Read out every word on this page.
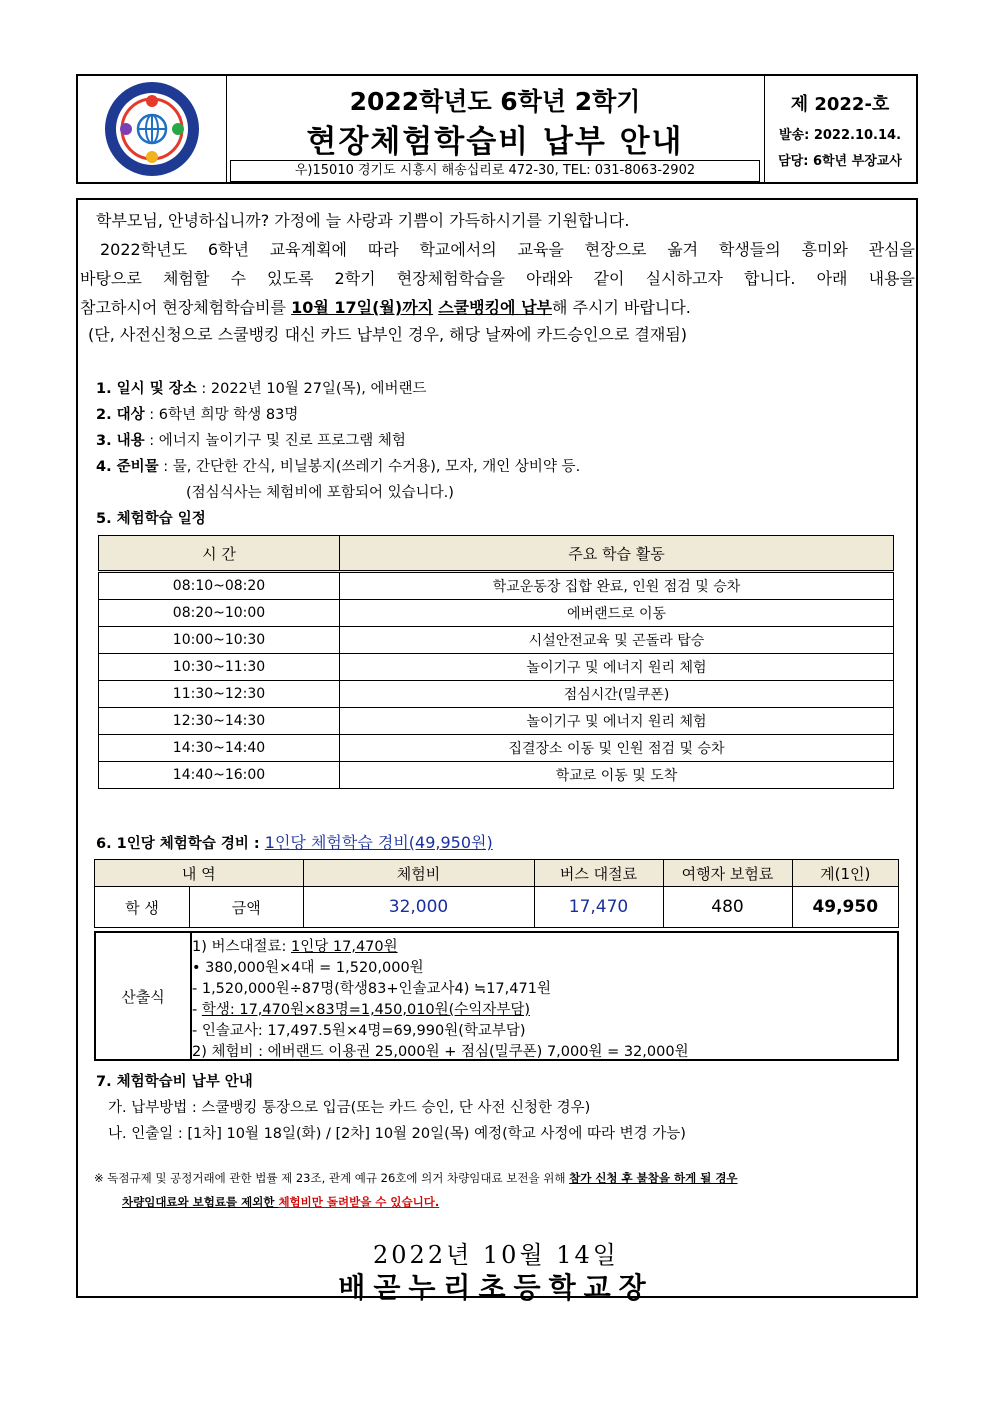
2022학년도 6학년 2학기
현장체험학습비 납부 안내
우)15010 경기도 시흥시 해송십리로 472-30, TEL: 031-8063-2902
제 2022-호
발송: 2022.10.14.
담당: 6학년 부장교사
학부모님, 안녕하십니까? 가정에 늘 사랑과 기쁨이 가득하시기를 기원합니다.
2022학년도 6학년 교육계획에 따라 학교에서의 교육을 현장으로 옮겨 학생들의 흥미와 관심을
바탕으로 체험할 수 있도록 2학기 현장체험학습을 아래와 같이 실시하고자 합니다. 아래 내용을
참고하시어 현장체험학습비를 10월 17일(월)까지 스쿨뱅킹에 납부해 주시기 바랍니다.
(단, 사전신청으로 스쿨뱅킹 대신 카드 납부인 경우, 해당 날짜에 카드승인으로 결재됨)
1. 일시 및 장소 : 2022년 10월 27일(목), 에버랜드
2. 대상 : 6학년 희망 학생 83명
3. 내용 : 에너지 놀이기구 및 진로 프로그램 체험
4. 준비물 : 물, 간단한 간식, 비닐봉지(쓰레기 수거용), 모자, 개인 상비약 등.
(점심식사는 체험비에 포함되어 있습니다.)
5. 체험학습 일정
시 간	주요 학습 활동
08:10~08:20	학교운동장 집합 완료, 인원 점검 및 승차
08:20~10:00	에버랜드로 이동
10:00~10:30	시설안전교육 및 곤돌라 탑승
10:30~11:30	놀이기구 및 에너지 원리 체험
11:30~12:30	점심시간(밀쿠폰)
12:30~14:30	놀이기구 및 에너지 원리 체험
14:30~14:40	집결장소 이동 및 인원 점검 및 승차
14:40~16:00	학교로 이동 및 도착
6. 1인당 체험학습 경비 : 1인당 체험학습 경비(49,950원)
내 역		체험비	버스 대절료	여행자 보험료	계(1인)
학 생	금액	32,000	17,470	480	49,950
산출식
1) 버스대절료: 1인당 17,470원
• 380,000원×4대 = 1,520,000원
- 1,520,000원÷87명(학생83+인솔교사4) ≒17,471원
- 학생: 17,470원×83명=1,450,010원(수익자부담)
- 인솔교사: 17,497.5원×4명=69,990원(학교부담)
2) 체험비 : 에버랜드 이용권 25,000원 + 점심(밀쿠폰) 7,000원 = 32,000원
7. 체험학습비 납부 안내
가. 납부방법 : 스쿨뱅킹 통장으로 입금(또는 카드 승인, 단 사전 신청한 경우)
나. 인출일 : [1차] 10월 18일(화) / [2차] 10월 20일(목) 예정(학교 사정에 따라 변경 가능)
※ 독점규제 및 공정거래에 관한 법률 제 23조, 관계 예규 26호에 의거 차량임대료 보전을 위해 참가 신청 후 불참을 하게 될 경우
차량임대료와 보험료를 제외한 체험비만 돌려받을 수 있습니다.
2022년 10월 14일
배곧누리초등학교장
